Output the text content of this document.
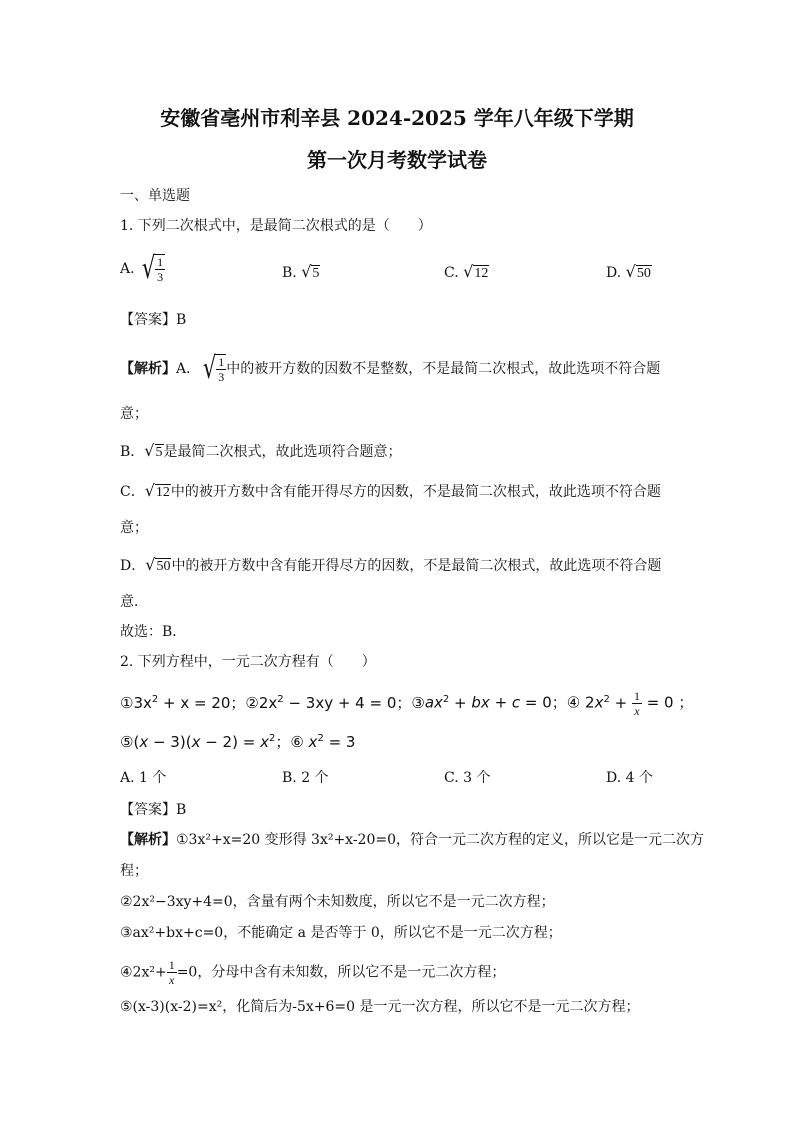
安徽省亳州市利辛县 2024-2025 学年八年级下学期
第一次月考数学试卷
一、单选题
1. 下列二次根式中，是最简二次根式的是（　　）
A. √ $\frac{1}{3}$	B. √5	C. √12	D. √50
【答案】B
【解析】A． √ $\frac{1}{3}$ 中的被开方数的因数不是整数，不是最简二次根式，故此选项不符合题
意；
B．√5是最简二次根式，故此选项符合题意；
C．√12中的被开方数中含有能开得尽方的因数，不是最简二次根式，故此选项不符合题
意；
D．√50中的被开方数中含有能开得尽方的因数，不是最简二次根式，故此选项不符合题
意．
故选：B．
2. 下列方程中，一元二次方程有（　　）
$①3x^2 + x = 20$；$②2x^2 - 3xy + 4 = 0$；$③ax^2$ + bx + c = 0；④ $2x^2 + \frac{1}{x} = 0$ ；
⑤(x − $3)(x - 2) = x^2$；⑥ $x^2 = 3$
A. 1 个	B. 2 个	C. 3 个	D. 4 个
【答案】B
【解析】①3x²+x=20 变形得 3x²+x-20=0，符合一元二次方程的定义，所以它是一元二次方
程；
②2x²−3xy+4=0，含量有两个未知数度，所以它不是一元二次方程；
③ax²+bx+c=0，不能确定 a 是否等于 0，所以它不是一元二次方程；
④2x²+ $\frac{1}{x} =0$，分母中含有未知数，所以它不是一元二次方程；
⑤(x-3)(x-2)=x²，化简后为-5x+6=0 是一元一次方程，所以它不是一元二次方程；
